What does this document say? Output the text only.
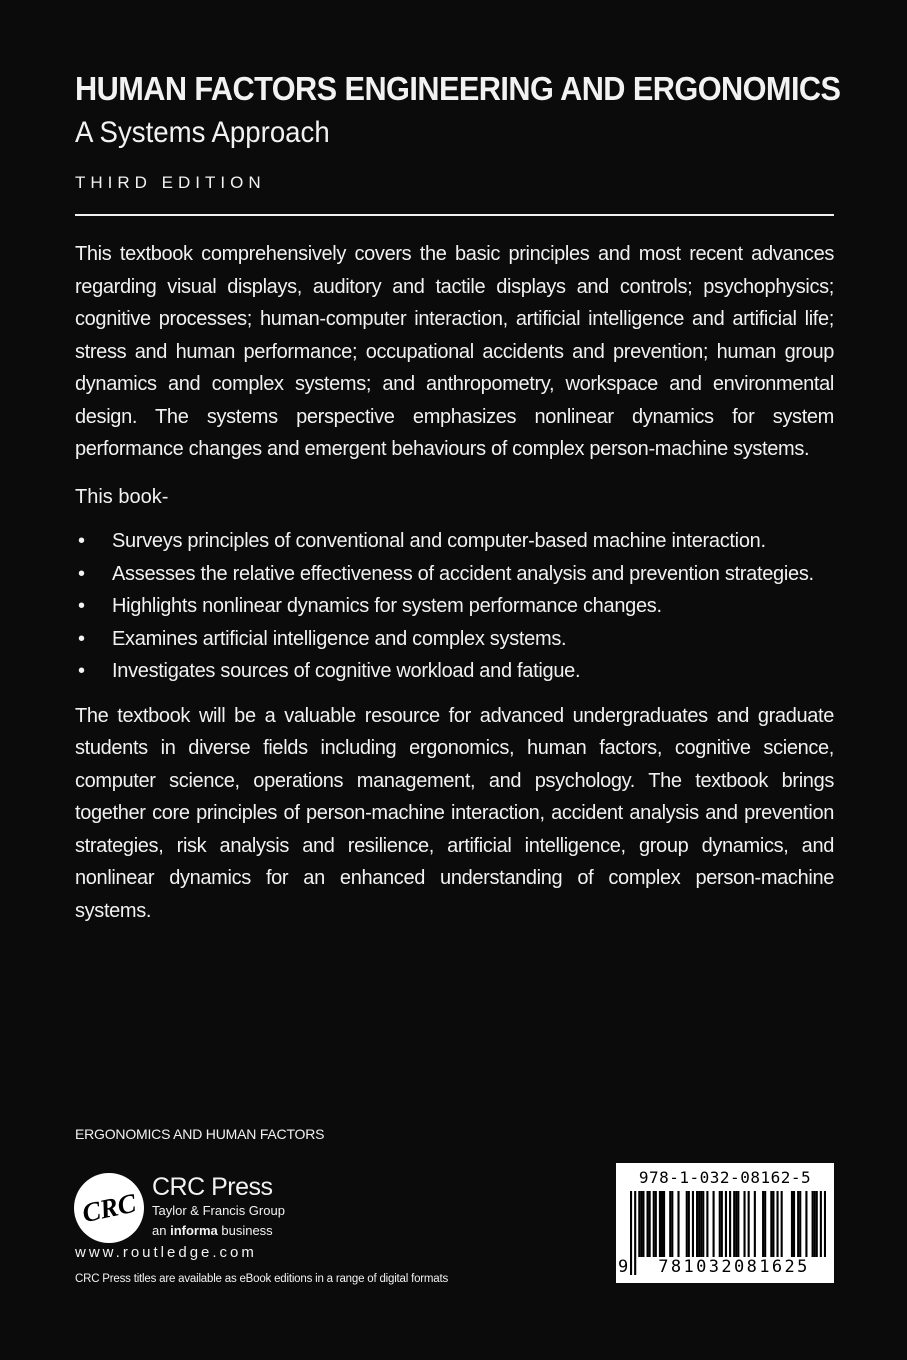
HUMAN FACTORS ENGINEERING AND ERGONOMICS
A Systems Approach
THIRD EDITION

This textbook comprehensively covers the basic principles and most recent advances regarding visual displays, auditory and tactile displays and controls; psychophysics; cognitive processes; human-computer interaction, artificial intelligence and artificial life; stress and human performance; occupational accidents and prevention; human group dynamics and complex systems; and anthropometry, workspace and environmental design. The systems perspective emphasizes nonlinear dynamics for system performance changes and emergent behaviours of complex person-machine systems.

This book-

• Surveys principles of conventional and computer-based machine interaction.
• Assesses the relative effectiveness of accident analysis and prevention strategies.
• Highlights nonlinear dynamics for system performance changes.
• Examines artificial intelligence and complex systems.
• Investigates sources of cognitive workload and fatigue.

The textbook will be a valuable resource for advanced undergraduates and graduate students in diverse fields including ergonomics, human factors, cognitive science, computer science, operations management, and psychology. The textbook brings together core principles of person-machine interaction, accident analysis and prevention strategies, risk analysis and resilience, artificial intelligence, group dynamics, and nonlinear dynamics for an enhanced understanding of complex person-machine systems.

ERGONOMICS AND HUMAN FACTORS
CRC
CRC Press
Taylor & Francis Group
an informa business
www.routledge.com
CRC Press titles are available as eBook editions in a range of digital formats
978-1-032-08162-5
9	781032081625
